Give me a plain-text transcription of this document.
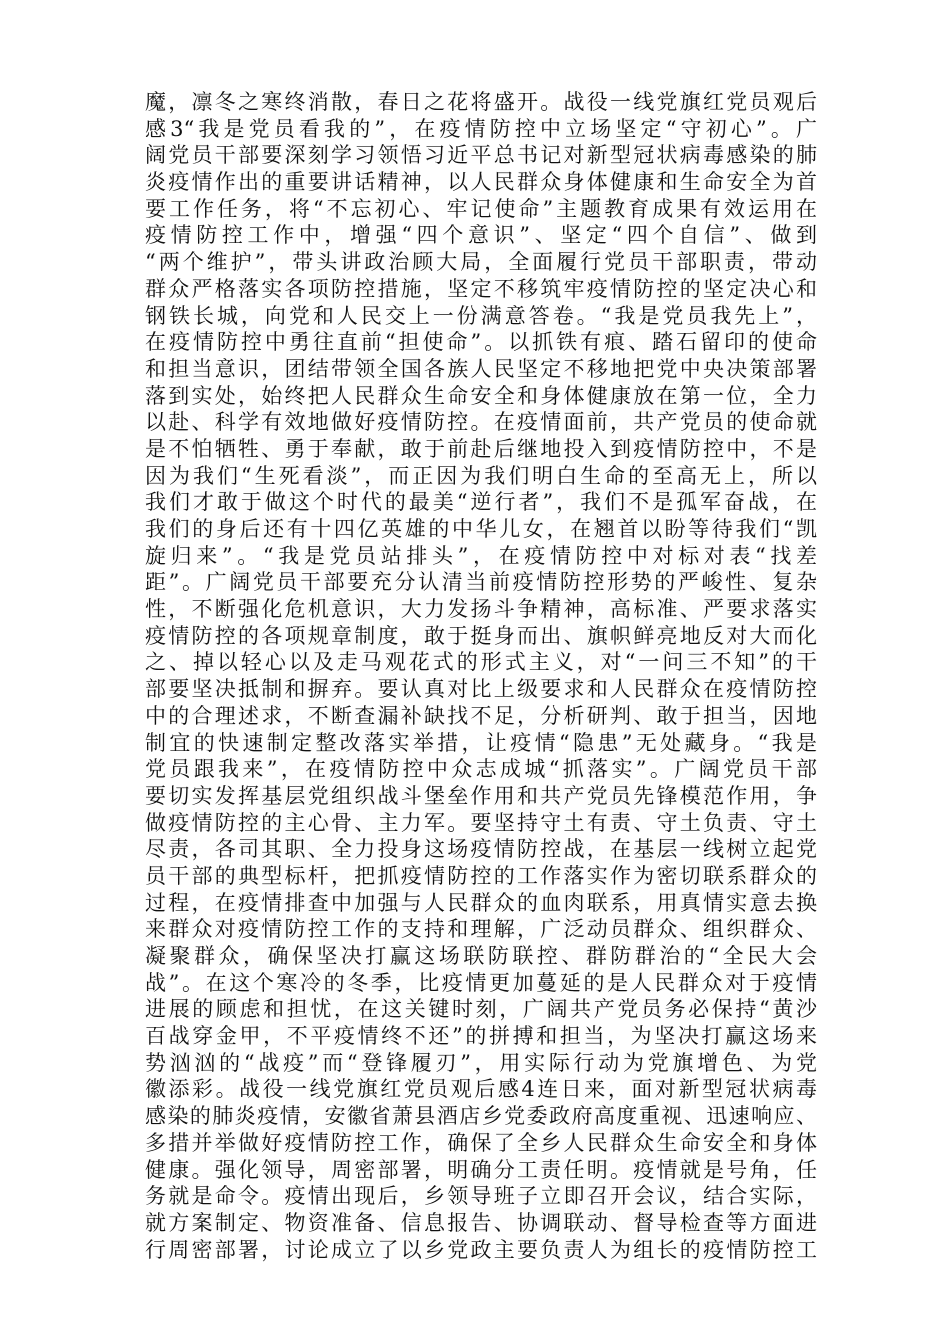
魔，凛冬之寒终消散，春日之花将盛开。战役一线党旗红党员观后
感3“我是党员看我的”，在疫情防控中立场坚定“守初心”。广
阔党员干部要深刻学习领悟习近平总书记对新型冠状病毒感染的肺
炎疫情作出的重要讲话精神，以人民群众身体健康和生命安全为首
要工作任务，将“不忘初心、牢记使命”主题教育成果有效运用在
疫情防控工作中，增强“四个意识”、坚定“四个自信”、做到
“两个维护”，带头讲政治顾大局，全面履行党员干部职责，带动
群众严格落实各项防控措施，坚定不移筑牢疫情防控的坚定决心和
钢铁长城，向党和人民交上一份满意答卷。“我是党员我先上”，
在疫情防控中勇往直前“担使命”。以抓铁有痕、踏石留印的使命
和担当意识，团结带领全国各族人民坚定不移地把党中央决策部署
落到实处，始终把人民群众生命安全和身体健康放在第一位，全力
以赴、科学有效地做好疫情防控。在疫情面前，共产党员的使命就
是不怕牺牲、勇于奉献，敢于前赴后继地投入到疫情防控中，不是
因为我们“生死看淡”，而正因为我们明白生命的至高无上，所以
我们才敢于做这个时代的最美“逆行者”，我们不是孤军奋战，在
我们的身后还有十四亿英雄的中华儿女，在翘首以盼等待我们“凯
旋归来”。“我是党员站排头”，在疫情防控中对标对表“找差
距”。广阔党员干部要充分认清当前疫情防控形势的严峻性、复杂
性，不断强化危机意识，大力发扬斗争精神，高标准、严要求落实
疫情防控的各项规章制度，敢于挺身而出、旗帜鲜亮地反对大而化
之、掉以轻心以及走马观花式的形式主义，对“一问三不知”的干
部要坚决抵制和摒弃。要认真对比上级要求和人民群众在疫情防控
中的合理述求，不断查漏补缺找不足，分析研判、敢于担当，因地
制宜的快速制定整改落实举措，让疫情“隐患”无处藏身。“我是
党员跟我来”，在疫情防控中众志成城“抓落实”。广阔党员干部
要切实发挥基层党组织战斗堡垒作用和共产党员先锋模范作用，争
做疫情防控的主心骨、主力军。要坚持守土有责、守土负责、守土
尽责，各司其职、全力投身这场疫情防控战，在基层一线树立起党
员干部的典型标杆，把抓疫情防控的工作落实作为密切联系群众的
过程，在疫情排查中加强与人民群众的血肉联系，用真情实意去换
来群众对疫情防控工作的支持和理解，广泛动员群众、组织群众、
凝聚群众，确保坚决打赢这场联防联控、群防群治的“全民大会
战”。在这个寒冷的冬季，比疫情更加蔓延的是人民群众对于疫情
进展的顾虑和担忧，在这关键时刻，广阔共产党员务必保持“黄沙
百战穿金甲，不平疫情终不还”的拼搏和担当，为坚决打赢这场来
势汹汹的“战疫”而“登锋履刃”，用实际行动为党旗增色、为党
徽添彩。战役一线党旗红党员观后感4连日来，面对新型冠状病毒
感染的肺炎疫情，安徽省萧县酒店乡党委政府高度重视、迅速响应、
多措并举做好疫情防控工作，确保了全乡人民群众生命安全和身体
健康。强化领导，周密部署，明确分工责任明。疫情就是号角，任
务就是命令。疫情出现后，乡领导班子立即召开会议，结合实际，
就方案制定、物资准备、信息报告、协调联动、督导检查等方面进
行周密部署，讨论成立了以乡党政主要负责人为组长的疫情防控工
